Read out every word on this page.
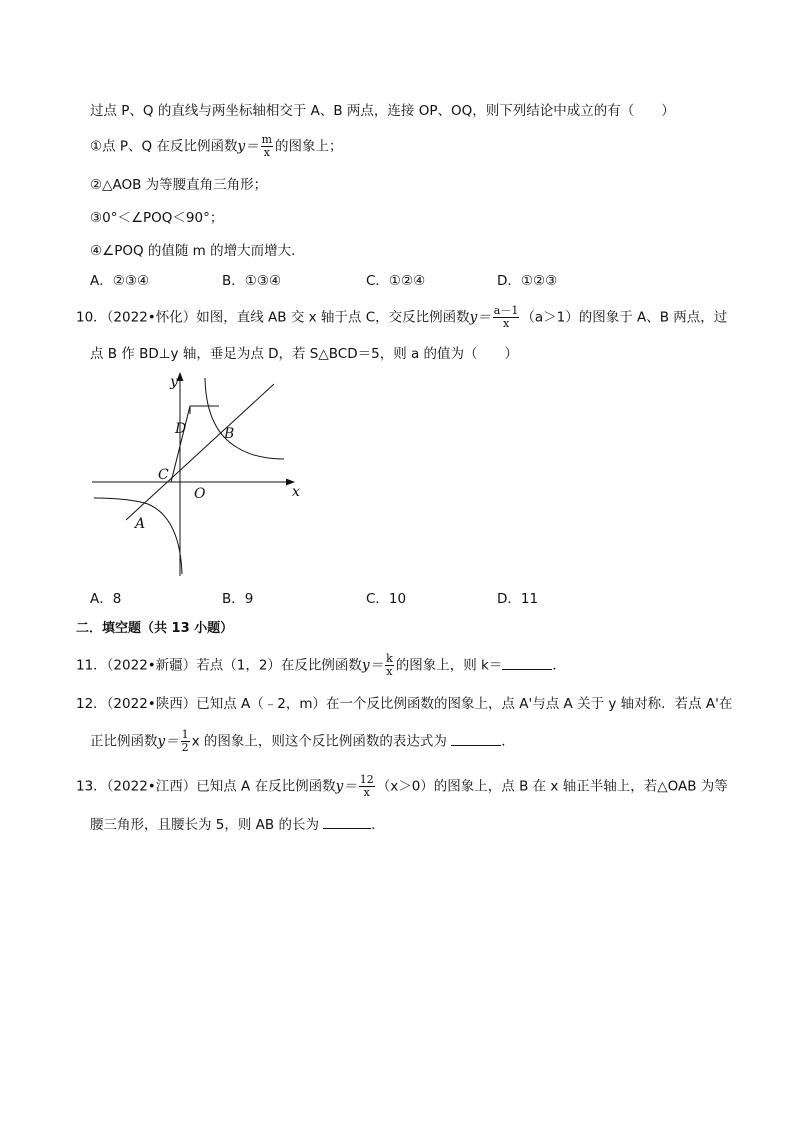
过点 P、Q 的直线与两坐标轴相交于 A、B 两点，连接 OP、OQ，则下列结论中成立的有（　　）
①点 P、Q 在反比例函数$y= \frac{m}{x}$ 的图象上；
②△AOB 为等腰直角三角形；
③0°＜∠POQ＜90°；
④∠POQ 的值随 m 的增大而增大．
A．②③④	B．①③④	C．①②④	D．①②③
10．（2022•怀化）如图，直线 AB 交 x 轴于点 C，交反比例函数$y= \frac{a-1}{x} (a>1)$的图象于 A、B 两点，过
点 B 作 BD⊥y 轴，垂足为点 D，若 S△BCD＝5，则 a 的值为（　　）
y
x
D	B
C
O
A
A．8	B．9	C．10	D．11
二．填空题（共 13 小题）
11．（2022•新疆）若点（1，2）在反比例函数$y= \frac{k}{x}$ 的图象上，则 k＝	．
12．（2022•陕西）已知点 A（﹣2，m）在一个反比例函数的图象上，点 A'与点 A 关于 y 轴对称．若点 A'在
正比例函数$y= \frac{1}{2}$ x 的图象上，则这个反比例函数的表达式为	．
13．（2022•江西）已知点 A 在反比例函数$y= \frac{12}{x} (x>0)$的图象上，点 B 在 x 轴正半轴上，若△OAB 为等
腰三角形，且腰长为 5，则 AB 的长为	．
